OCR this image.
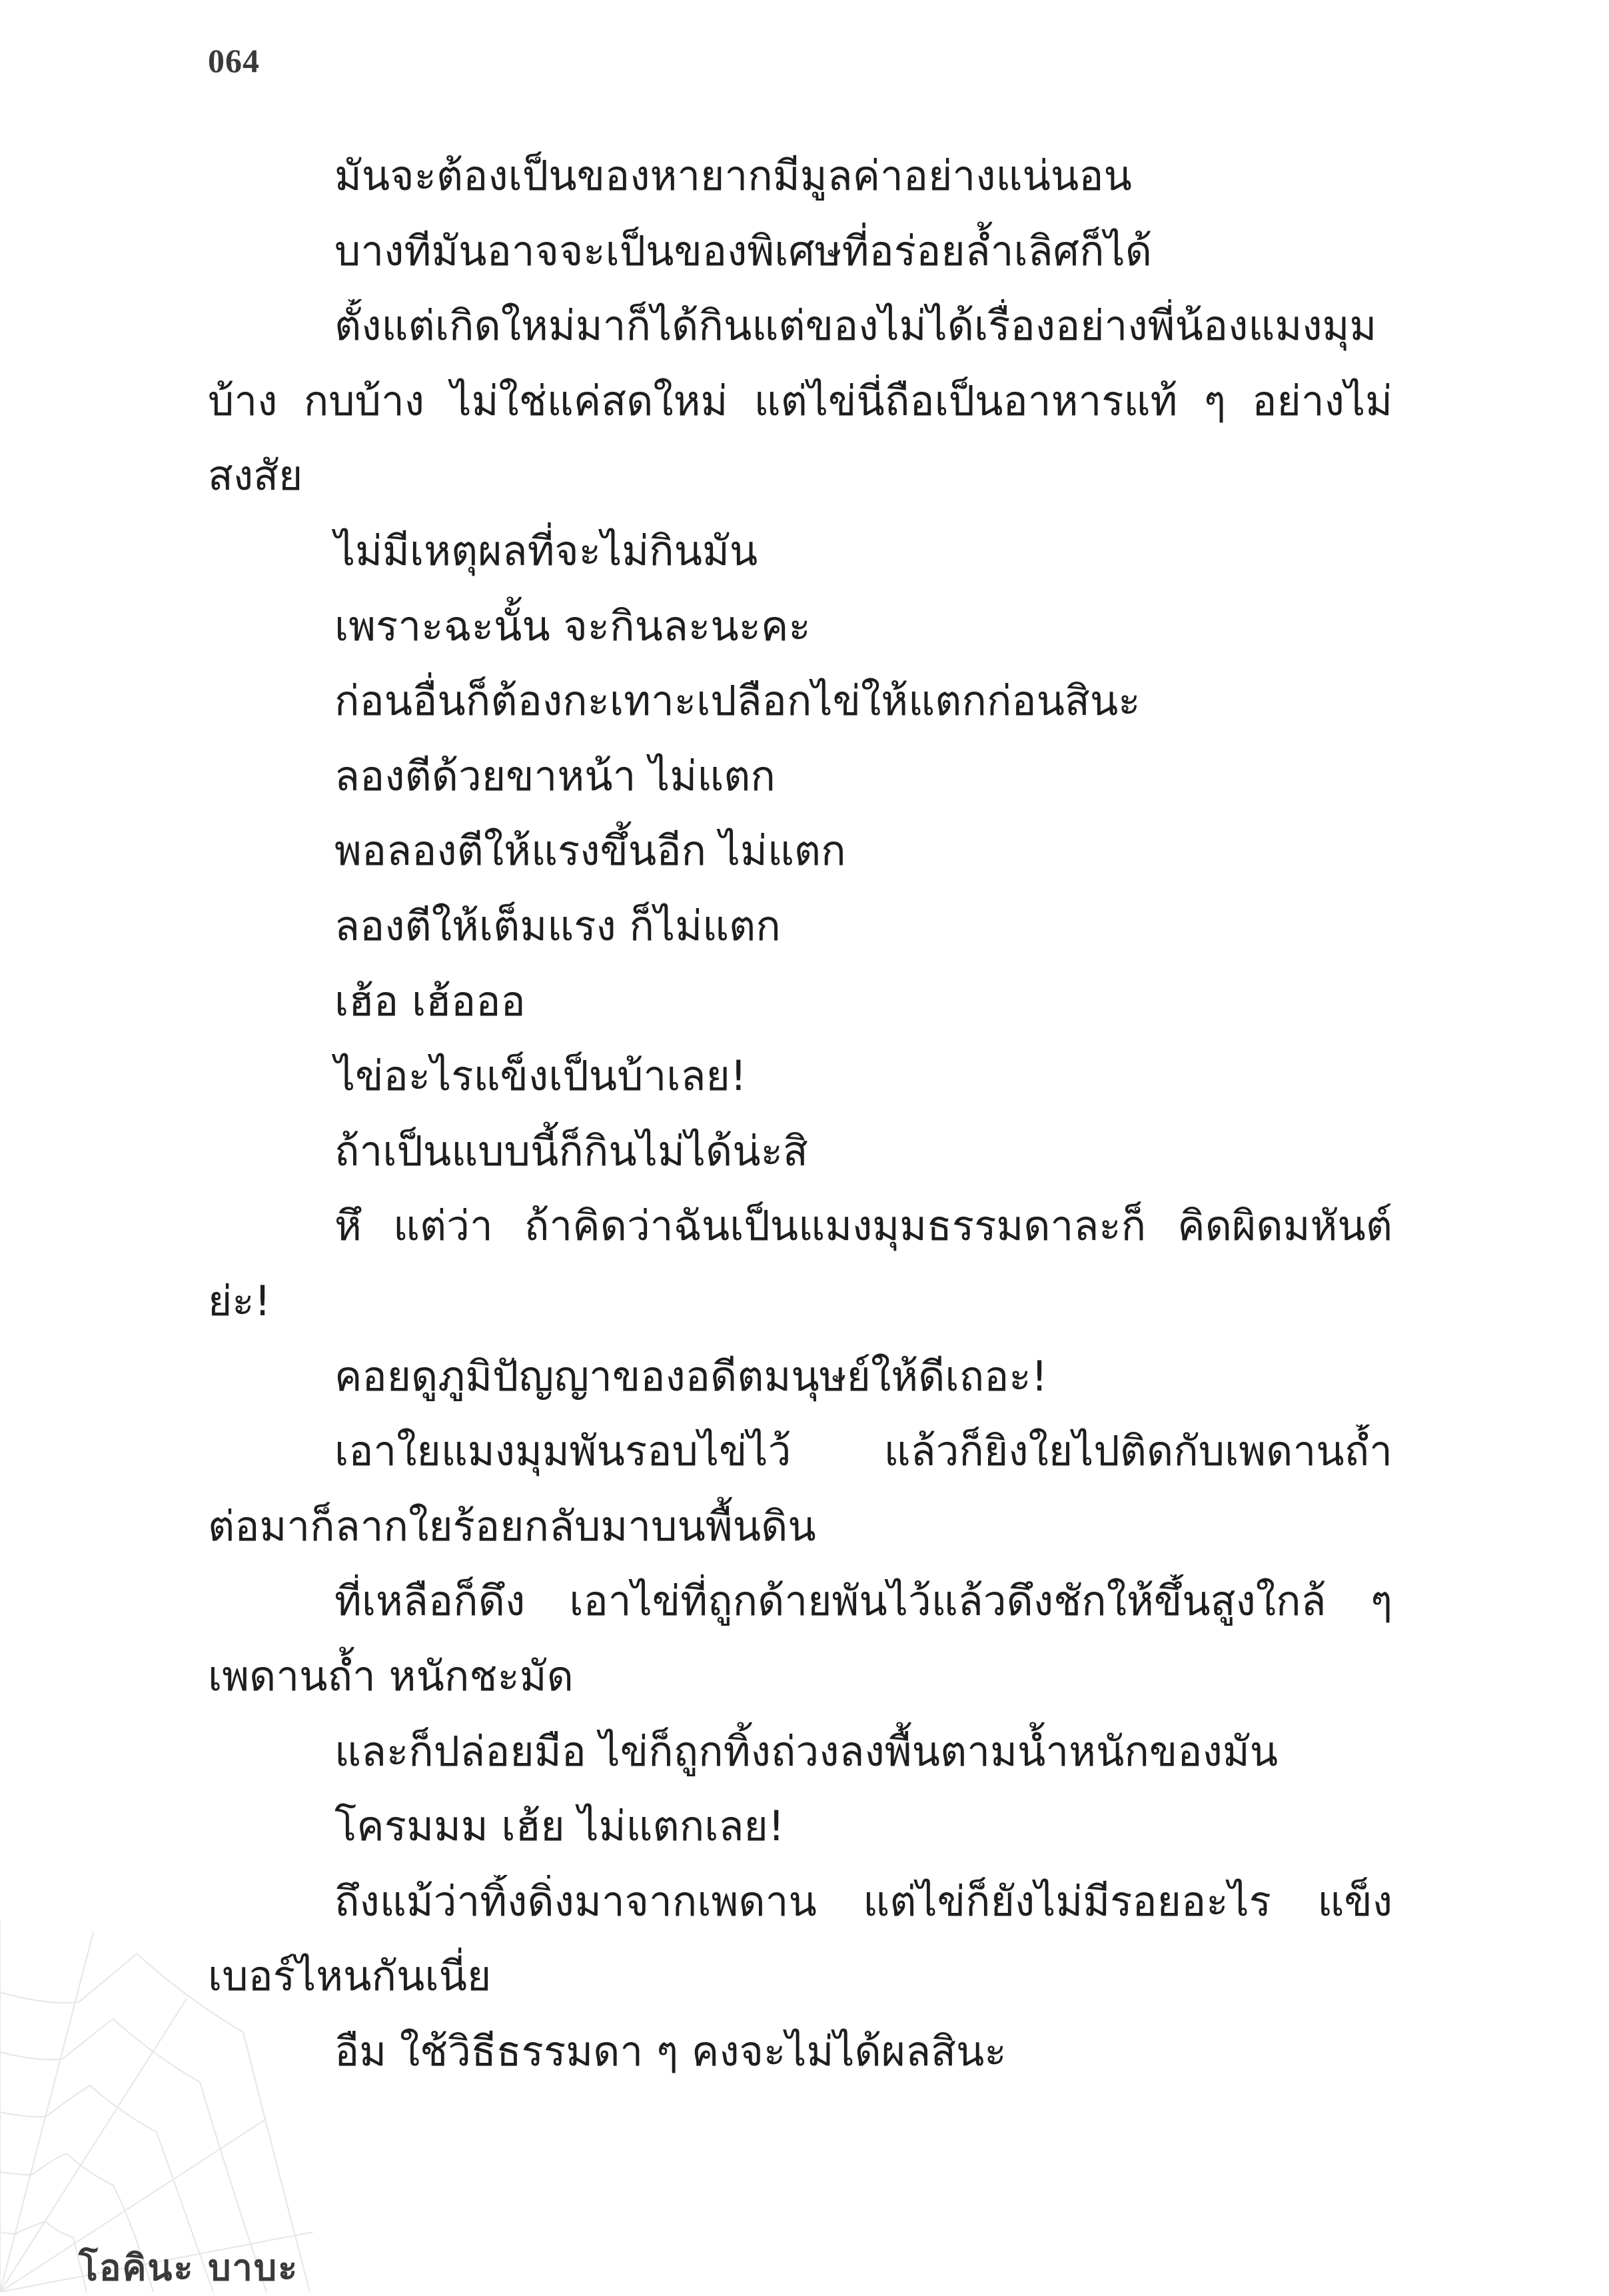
064
มันจะต้องเป็นของหายากมีมูลค่าอย่างแน่นอน
บางทีมันอาจจะเป็นของพิเศษที่อร่อยล้ำเลิศก็ได้
ตั้งแต่เกิดใหม่มาก็ได้กินแต่ของไม่ได้เรื่องอย่างพี่น้องแมงมุม
บ้าง กบบ้าง ไม่ใช่แค่สดใหม่ แต่ไข่นี่ถือเป็นอาหารแท้ ๆ อย่างไม่
สงสัย
ไม่มีเหตุผลที่จะไม่กินมัน
เพราะฉะนั้น จะกินละนะคะ
ก่อนอื่นก็ต้องกะเทาะเปลือกไข่ให้แตกก่อนสินะ
ลองตีด้วยขาหน้า ไม่แตก
พอลองตีให้แรงขึ้นอีก ไม่แตก
ลองตีให้เต็มแรง ก็ไม่แตก
เฮ้อ เฮ้อออ
ไข่อะไรแข็งเป็นบ้าเลย!
ถ้าเป็นแบบนี้ก็กินไม่ได้น่ะสิ
หึ แต่ว่า ถ้าคิดว่าฉันเป็นแมงมุมธรรมดาละก็ คิดผิดมหันต์
ย่ะ!
คอยดูภูมิปัญญาของอดีตมนุษย์ให้ดีเถอะ!
เอาใยแมงมุมพันรอบไข่ไว้ แล้วก็ยิงใยไปติดกับเพดานถ้ำ
ต่อมาก็ลากใยร้อยกลับมาบนพื้นดิน
ที่เหลือก็ดึง เอาไข่ที่ถูกด้ายพันไว้แล้วดึงชักให้ขึ้นสูงใกล้ ๆ
เพดานถ้ำ หนักชะมัด
และก็ปล่อยมือ ไข่ก็ถูกทิ้งถ่วงลงพื้นตามน้ำหนักของมัน
โครมมม เฮ้ย ไม่แตกเลย!
ถึงแม้ว่าทิ้งดิ่งมาจากเพดาน แต่ไข่ก็ยังไม่มีรอยอะไร แข็ง
เบอร์ไหนกันเนี่ย
อืม ใช้วิธีธรรมดา ๆ คงจะไม่ได้ผลสินะ
โอคินะ บาบะ
